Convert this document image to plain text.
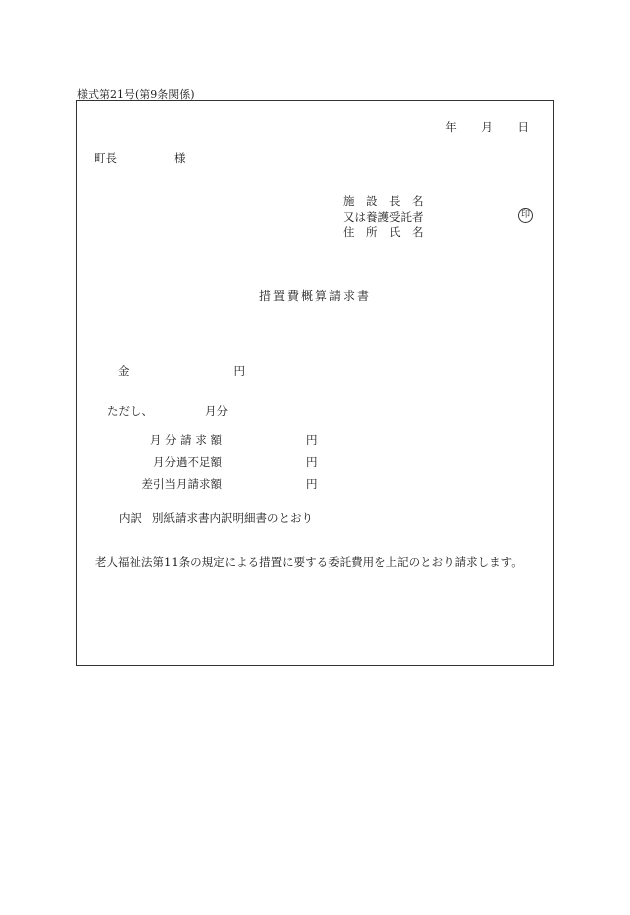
様式第21号(第9条関係)
年 月 日
町長	様
施　設　長　名
又は養護受託者
住　所　氏　名
印
措置費概算請求書
金	円
ただし、	月分
月 分 請 求 額	円
月分過不足額	円
差引当月請求額	円
内訳 別紙請求書内訳明細書のとおり
老人福祉法第11条の規定による措置に要する委託費用を上記のとおり請求します。
